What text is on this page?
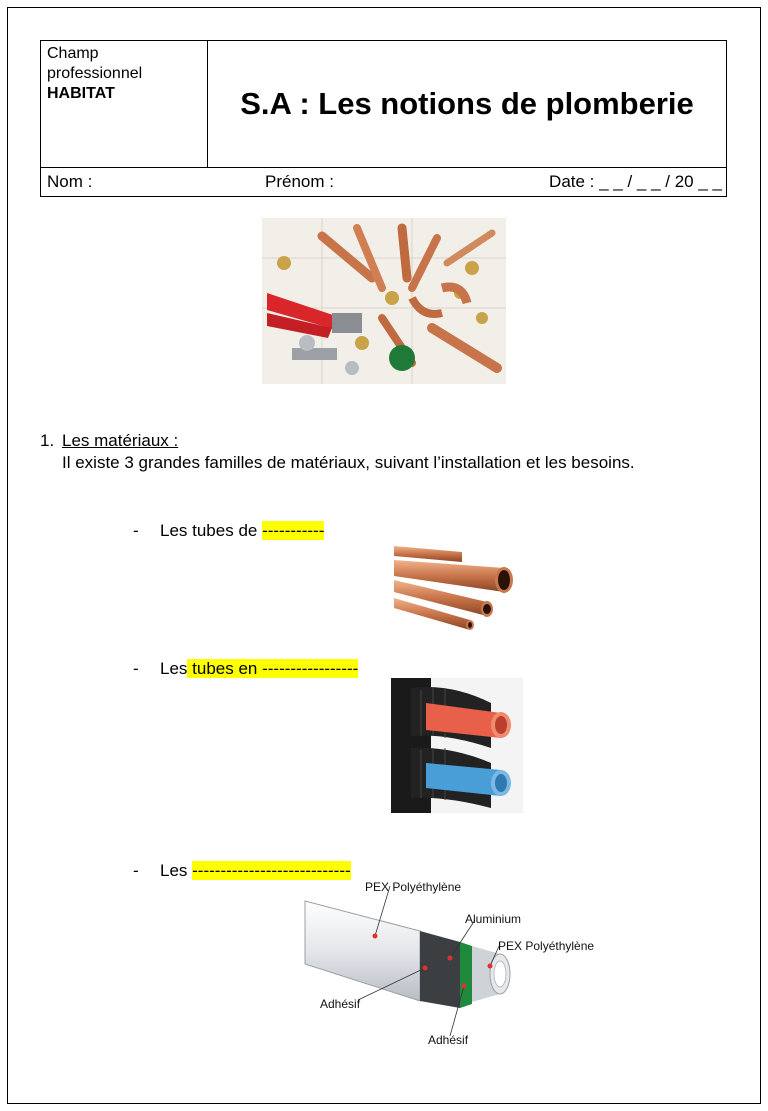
Champ
professionnel
HABITAT	S.A : Les notions de plomberie
Nom :	Prénom :	Date : _ _ / _ _ / 20 _ _
1. Les matériaux :
Il existe 3 grandes familles de matériaux, suivant l’installation et les besoins.
- Les tubes de -----------
- Les tubes en -----------------
- Les ----------------------------
PEX Polyéthylène
Aluminium
PEX Polyéthylène
Adhésif
Adhésif
